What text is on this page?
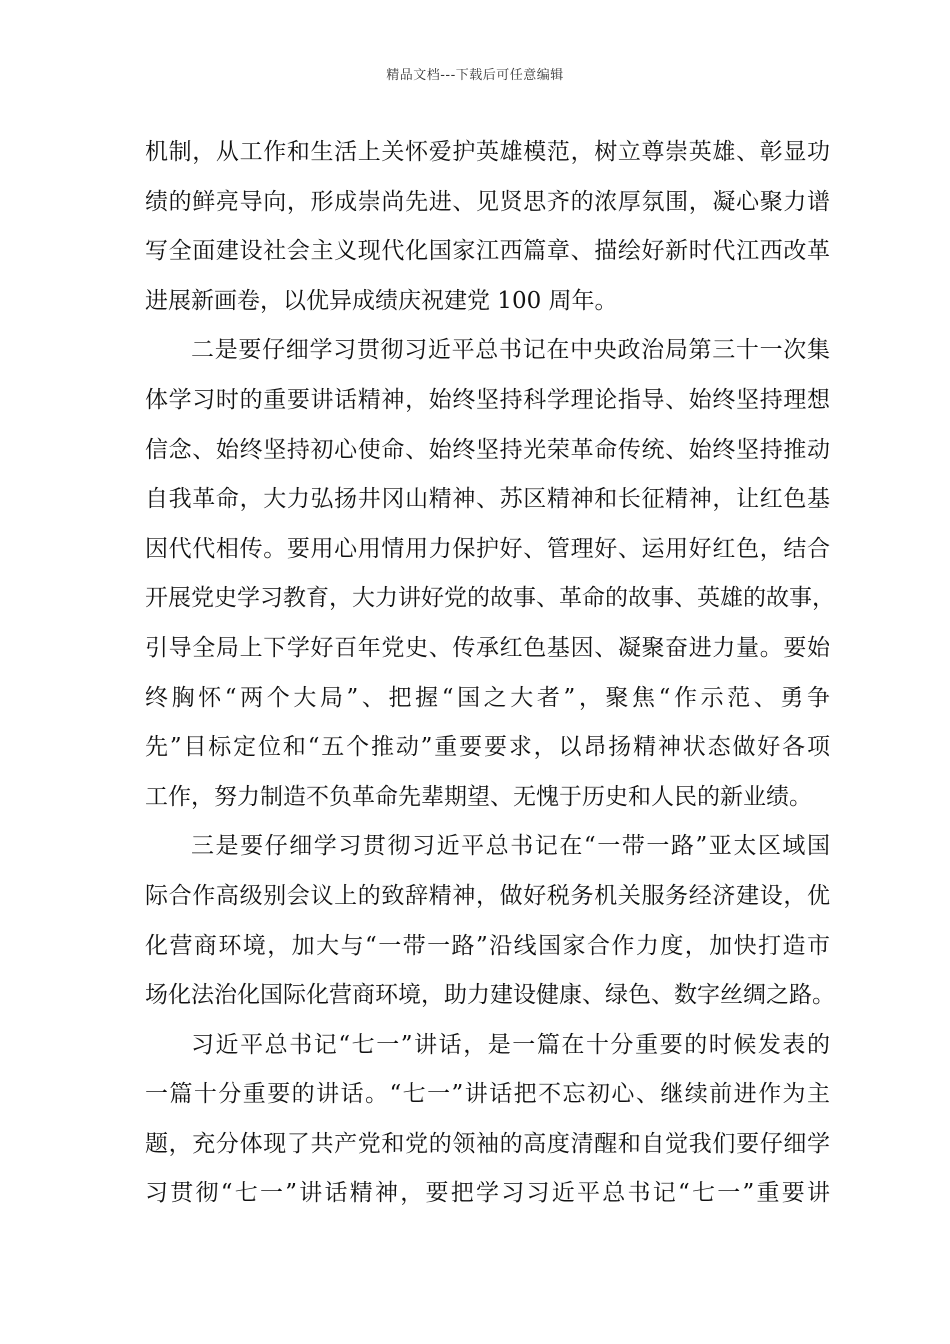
精品文档---下载后可任意编辑
机制，从工作和生活上关怀爱护英雄模范，树立尊崇英雄、彰显功
绩的鲜亮导向，形成崇尚先进、见贤思齐的浓厚氛围，凝心聚力谱
写全面建设社会主义现代化国家江西篇章、描绘好新时代江西改革
进展新画卷，以优异成绩庆祝建党 100 周年。
二是要仔细学习贯彻习近平总书记在中央政治局第三十一次集
体学习时的重要讲话精神，始终坚持科学理论指导、始终坚持理想
信念、始终坚持初心使命、始终坚持光荣革命传统、始终坚持推动
自我革命，大力弘扬井冈山精神、苏区精神和长征精神，让红色基
因代代相传。要用心用情用力保护好、管理好、运用好红色，结合
开展党史学习教育，大力讲好党的故事、革命的故事、英雄的故事，
引导全局上下学好百年党史、传承红色基因、凝聚奋进力量。要始
终胸怀“两个大局”、把握“国之大者”，聚焦“作示范、勇争
先”目标定位和“五个推动”重要要求，以昂扬精神状态做好各项
工作，努力制造不负革命先辈期望、无愧于历史和人民的新业绩。
三是要仔细学习贯彻习近平总书记在“一带一路”亚太区域国
际合作高级别会议上的致辞精神，做好税务机关服务经济建设，优
化营商环境，加大与“一带一路”沿线国家合作力度，加快打造市
场化法治化国际化营商环境，助力建设健康、绿色、数字丝绸之路。
习近平总书记“七一”讲话，是一篇在十分重要的时候发表的
一篇十分重要的讲话。“七一”讲话把不忘初心、继续前进作为主
题，充分体现了共产党和党的领袖的高度清醒和自觉我们要仔细学
习贯彻“七一”讲话精神，要把学习习近平总书记“七一”重要讲
